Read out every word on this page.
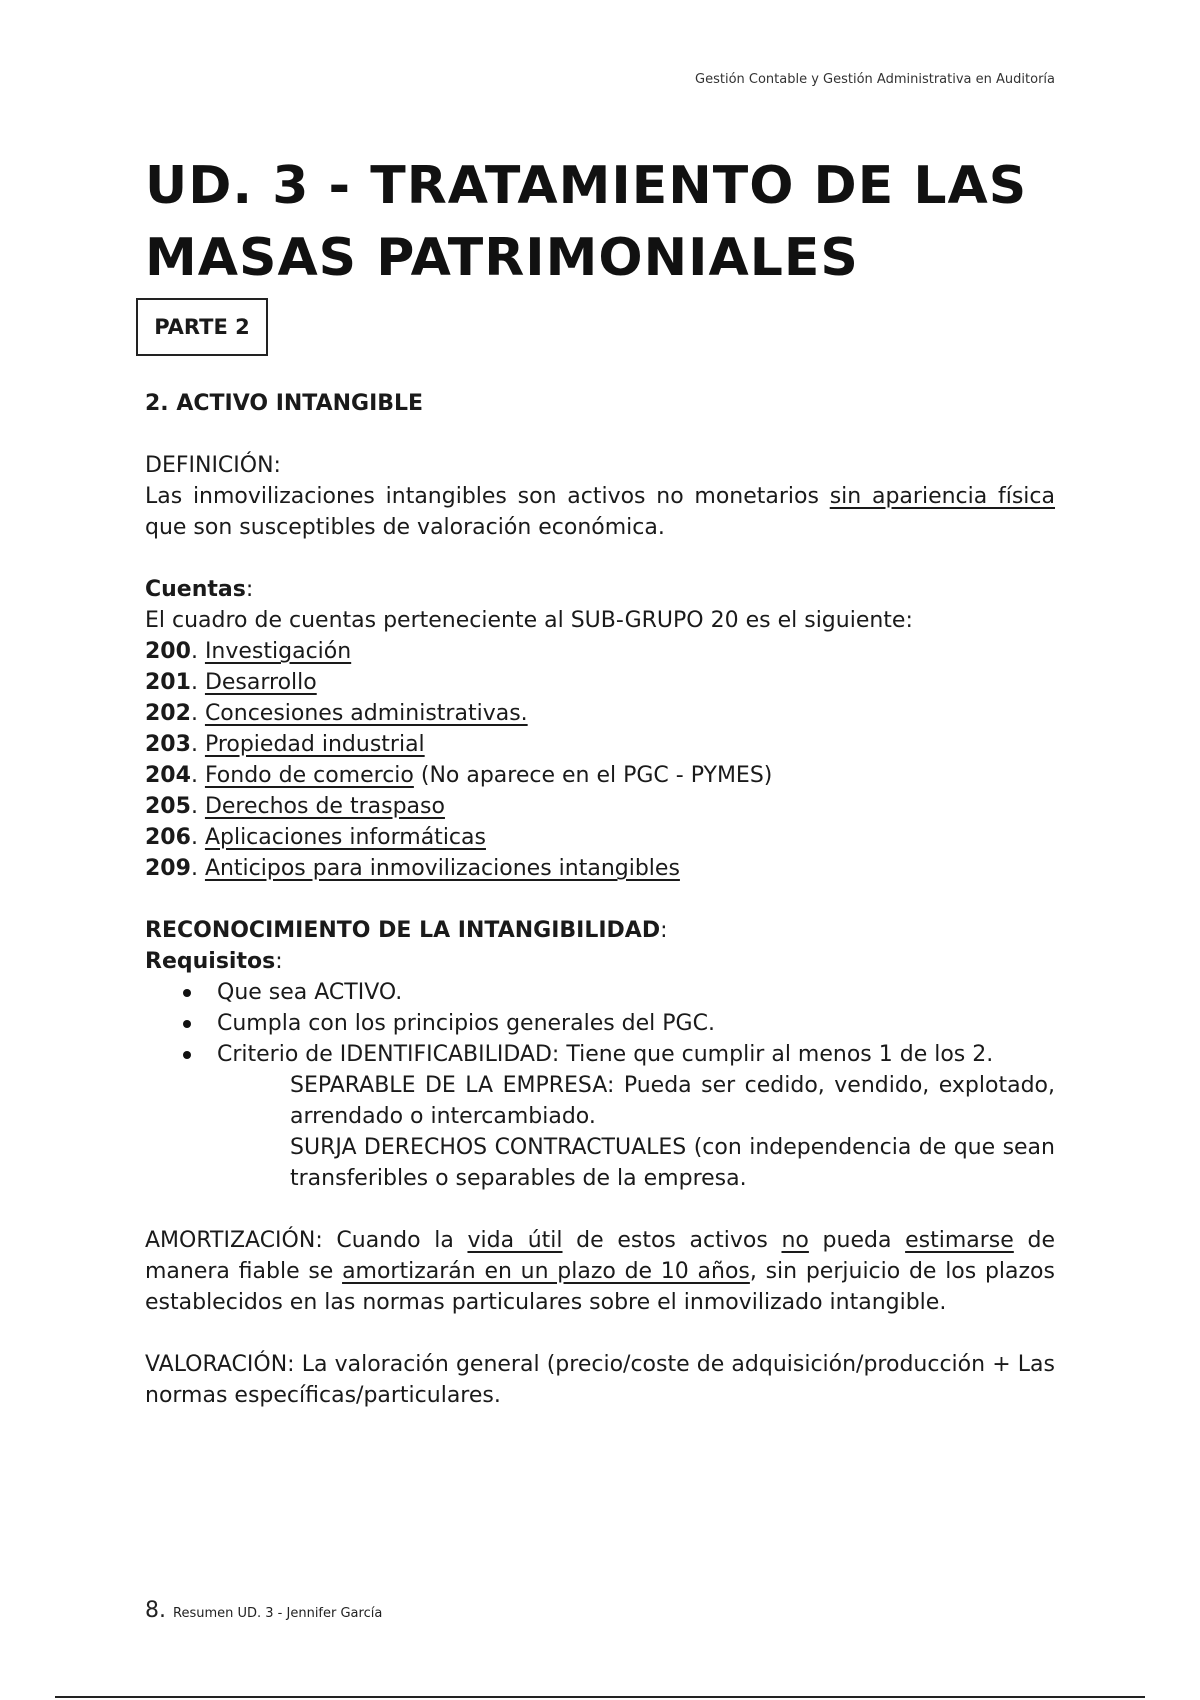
Gestión Contable y Gestión Administrativa en Auditoría
UD. 3 - TRATAMIENTO DE LAS
MASAS PATRIMONIALES
PARTE 2

2. ACTIVO INTANGIBLE

DEFINICIÓN:

Las inmovilizaciones intangibles son activos no monetarios sin apariencia física que son susceptibles de valoración económica.

Cuentas:

El cuadro de cuentas perteneciente al SUB-GRUPO 20 es el siguiente:

200. Investigación

201. Desarrollo

202. Concesiones administrativas.

203. Propiedad industrial

204. Fondo de comercio (No aparece en el PGC - PYMES)

205. Derechos de traspaso

206. Aplicaciones informáticas

209. Anticipos para inmovilizaciones intangibles

RECONOCIMIENTO DE LA INTANGIBILIDAD:

Requisitos:

Que sea ACTIVO.
Cumpla con los principios generales del PGC.
Criterio de IDENTIFICABILIDAD: Tiene que cumplir al menos 1 de los 2.

SEPARABLE DE LA EMPRESA: Pueda ser cedido, vendido, explotado, arrendado o intercambiado.

SURJA DERECHOS CONTRACTUALES (con independencia de que sean transferibles o separables de la empresa.

AMORTIZACIÓN: Cuando la vida útil de estos activos no pueda estimarse de manera fiable se amortizarán en un plazo de 10 años, sin perjuicio de los plazos establecidos en las normas particulares sobre el inmovilizado intangible.

VALORACIÓN: La valoración general (precio/coste de adquisición/producción + Las normas específicas/particulares.

8. Resumen UD. 3 - Jennifer García
